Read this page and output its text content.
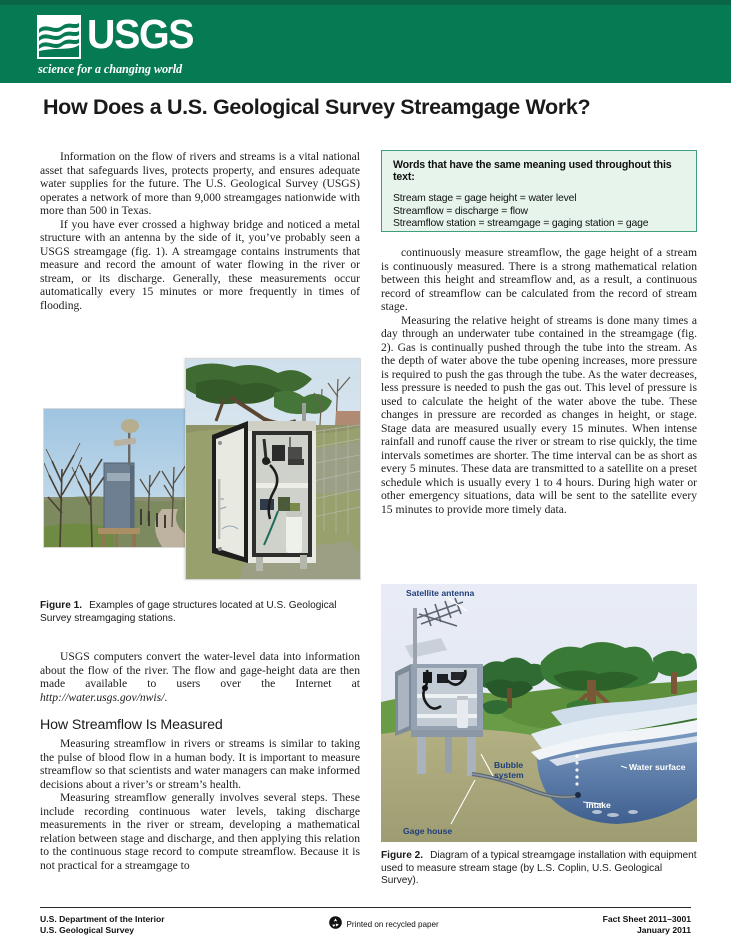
USGS
science for a changing world
How Does a U.S. Geological Survey Streamgage Work?

Information on the flow of rivers and streams is a vital national asset that safeguards lives, protects property, and ensures adequate water supplies for the future. The U.S. Geological Survey (USGS) operates a network of more than 9,000 streamgages nationwide with more than 500 in Texas.

If you have ever crossed a highway bridge and noticed a metal structure with an antenna by the side of it, you’ve probably seen a USGS streamgage (fig. 1). A streamgage contains instruments that measure and record the amount of water flowing in the river or stream, or its discharge. Generally, these measurements occur automatically every 15 minutes or more frequently in times of flooding.

Words that have the same meaning used throughout this text:
Stream stage = gage height = water level
Streamflow = discharge = flow
Streamflow station = streamgage = gaging station = gage

continuously measure streamflow, the gage height of a stream is continuously measured. There is a strong mathematical relation between this height and streamflow and, as a result, a continuous record of streamflow can be calculated from the record of stream stage.

Measuring the relative height of streams is done many times a day through an underwater tube contained in the streamgage (fig. 2). Gas is continually pushed through the tube into the stream. As the depth of water above the tube opening increases, more pressure is required to push the gas through the tube. As the water decreases, less pressure is needed to push the gas out. This level of pressure is used to calculate the height of the water above the tube. These changes in pressure are recorded as changes in height, or stage. Stage data are measured usually every 15 minutes. When intense rainfall and runoff cause the river or stream to rise quickly, the time intervals sometimes are shorter. The time interval can be as short as every 5 minutes. These data are transmitted to a satellite on a preset schedule which is usually every 1 to 4 hours. During high water or other emergency situations, data will be sent to the satellite every 15 minutes to provide more timely data.

Figure 1. Examples of gage structures located at U.S. Geological Survey streamgaging stations.

USGS computers convert the water-level data into information about the flow of the river. The flow and gage-height data are then made available to users over the Internet at http://water.usgs.gov/nwis/.

How Streamflow Is Measured

Measuring streamflow in rivers or streams is similar to taking the pulse of blood flow in a human body. It is important to measure streamflow so that scientists and water managers can make informed decisions about a river’s or stream’s health.

Measuring streamflow generally involves several steps. These include recording continuous water levels, taking discharge measurements in the river or stream, developing a mathematical relation between stage and discharge, and then applying this relation to the continuous stage record to compute streamflow. Because it is not practical for a streamgage to

Satellite antenna
Bubble
system
Gage house
Water surface
Intake
Figure 2. Diagram of a typical streamgage installation with equipment used to measure stream stage (by L.S. Coplin, U.S. Geological Survey).
U.S. Department of the Interior
U.S. Geological Survey
Printed on recycled paper	Fact Sheet 2011–3001
January 2011
